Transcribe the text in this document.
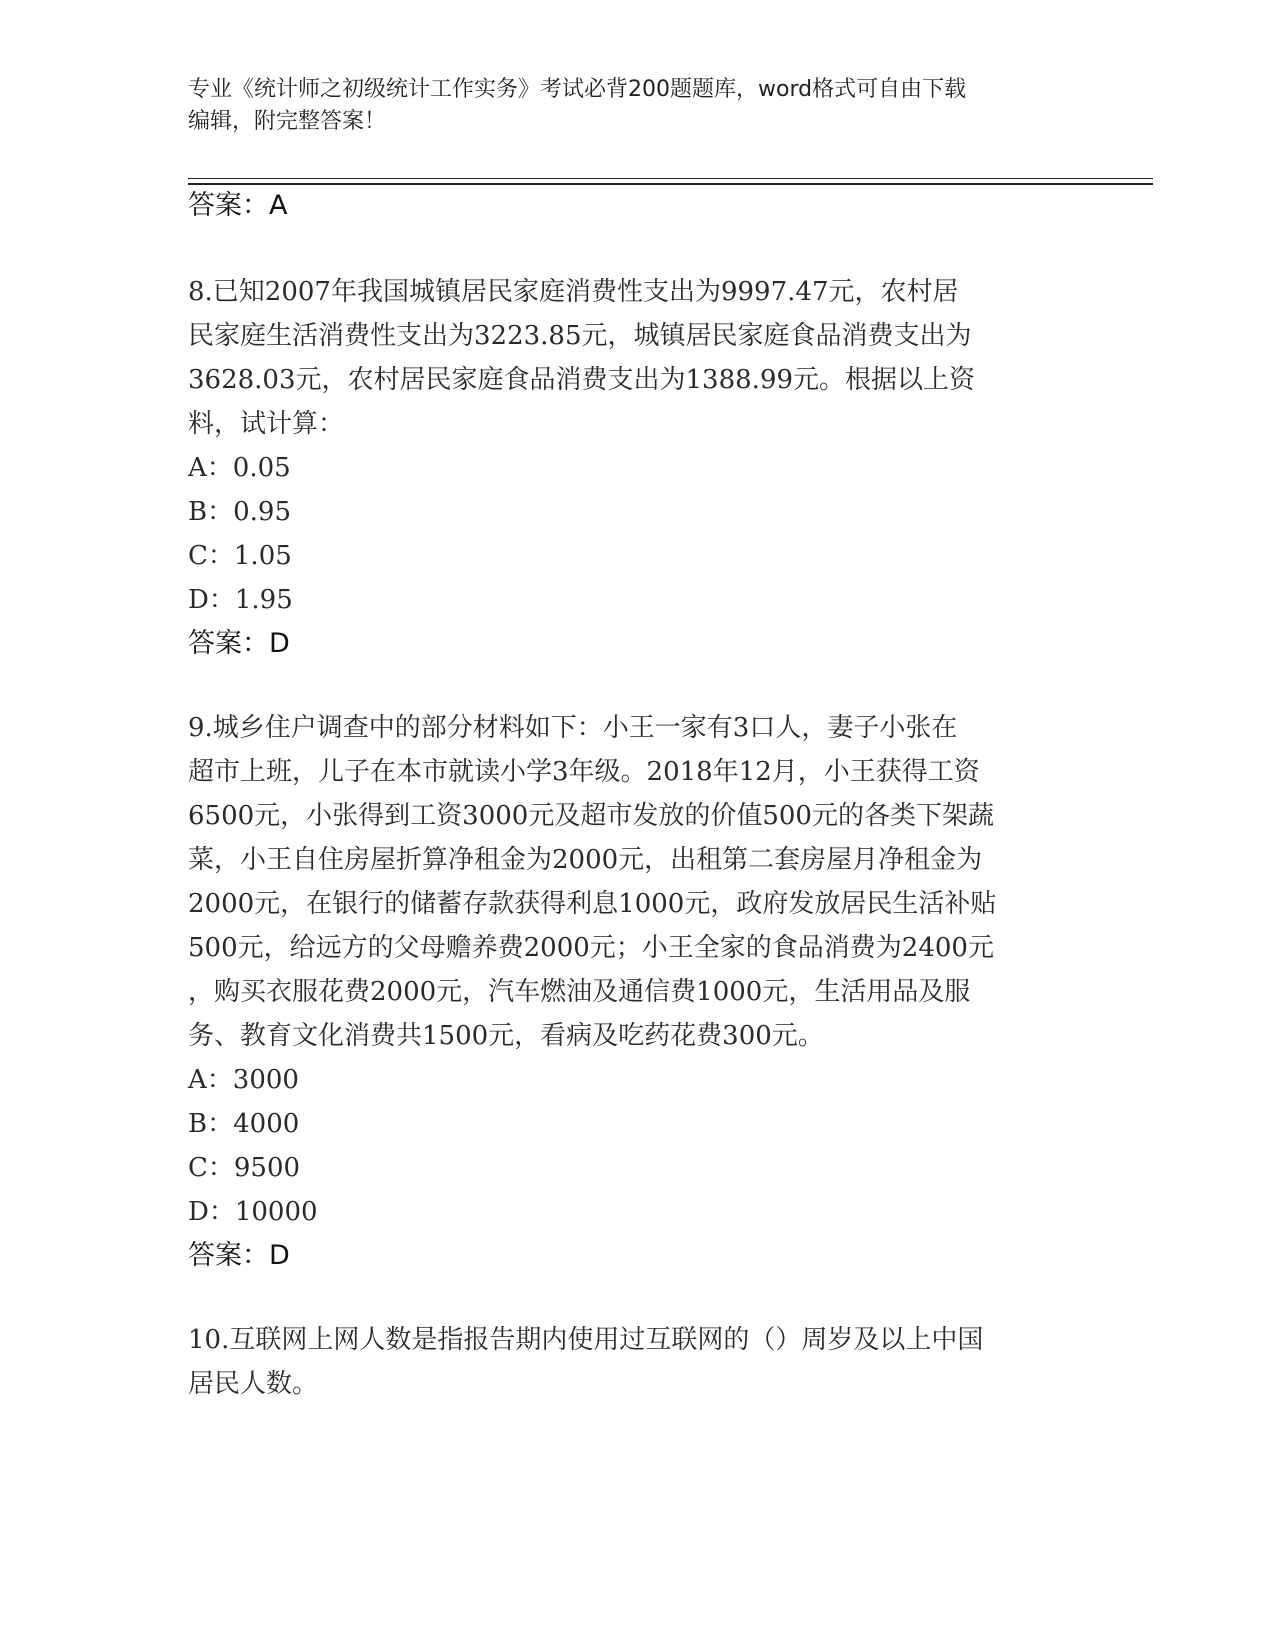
专业《统计师之初级统计工作实务》考试必背200题题库，word格式可自由下载
编辑，附完整答案！
答案：A
8.已知2007年我国城镇居民家庭消费性支出为9997.47元，农村居
民家庭生活消费性支出为3223.85元，城镇居民家庭食品消费支出为
3628.03元，农村居民家庭食品消费支出为1388.99元。根据以上资
料，试计算：
A：0.05
B：0.95
C：1.05
D：1.95
答案：D
9.城乡住户调查中的部分材料如下：小王一家有3口人，妻子小张在
超市上班，儿子在本市就读小学3年级。2018年12月，小王获得工资
6500元，小张得到工资3000元及超市发放的价值500元的各类下架蔬
菜，小王自住房屋折算净租金为2000元，出租第二套房屋月净租金为
2000元，在银行的储蓄存款获得利息1000元，政府发放居民生活补贴
500元，给远方的父母赡养费2000元；小王全家的食品消费为2400元
，购买衣服花费2000元，汽车燃油及通信费1000元，生活用品及服
务、教育文化消费共1500元，看病及吃药花费300元。
A：3000
B：4000
C：9500
D：10000
答案：D
10.互联网上网人数是指报告期内使用过互联网的（）周岁及以上中国
居民人数。
